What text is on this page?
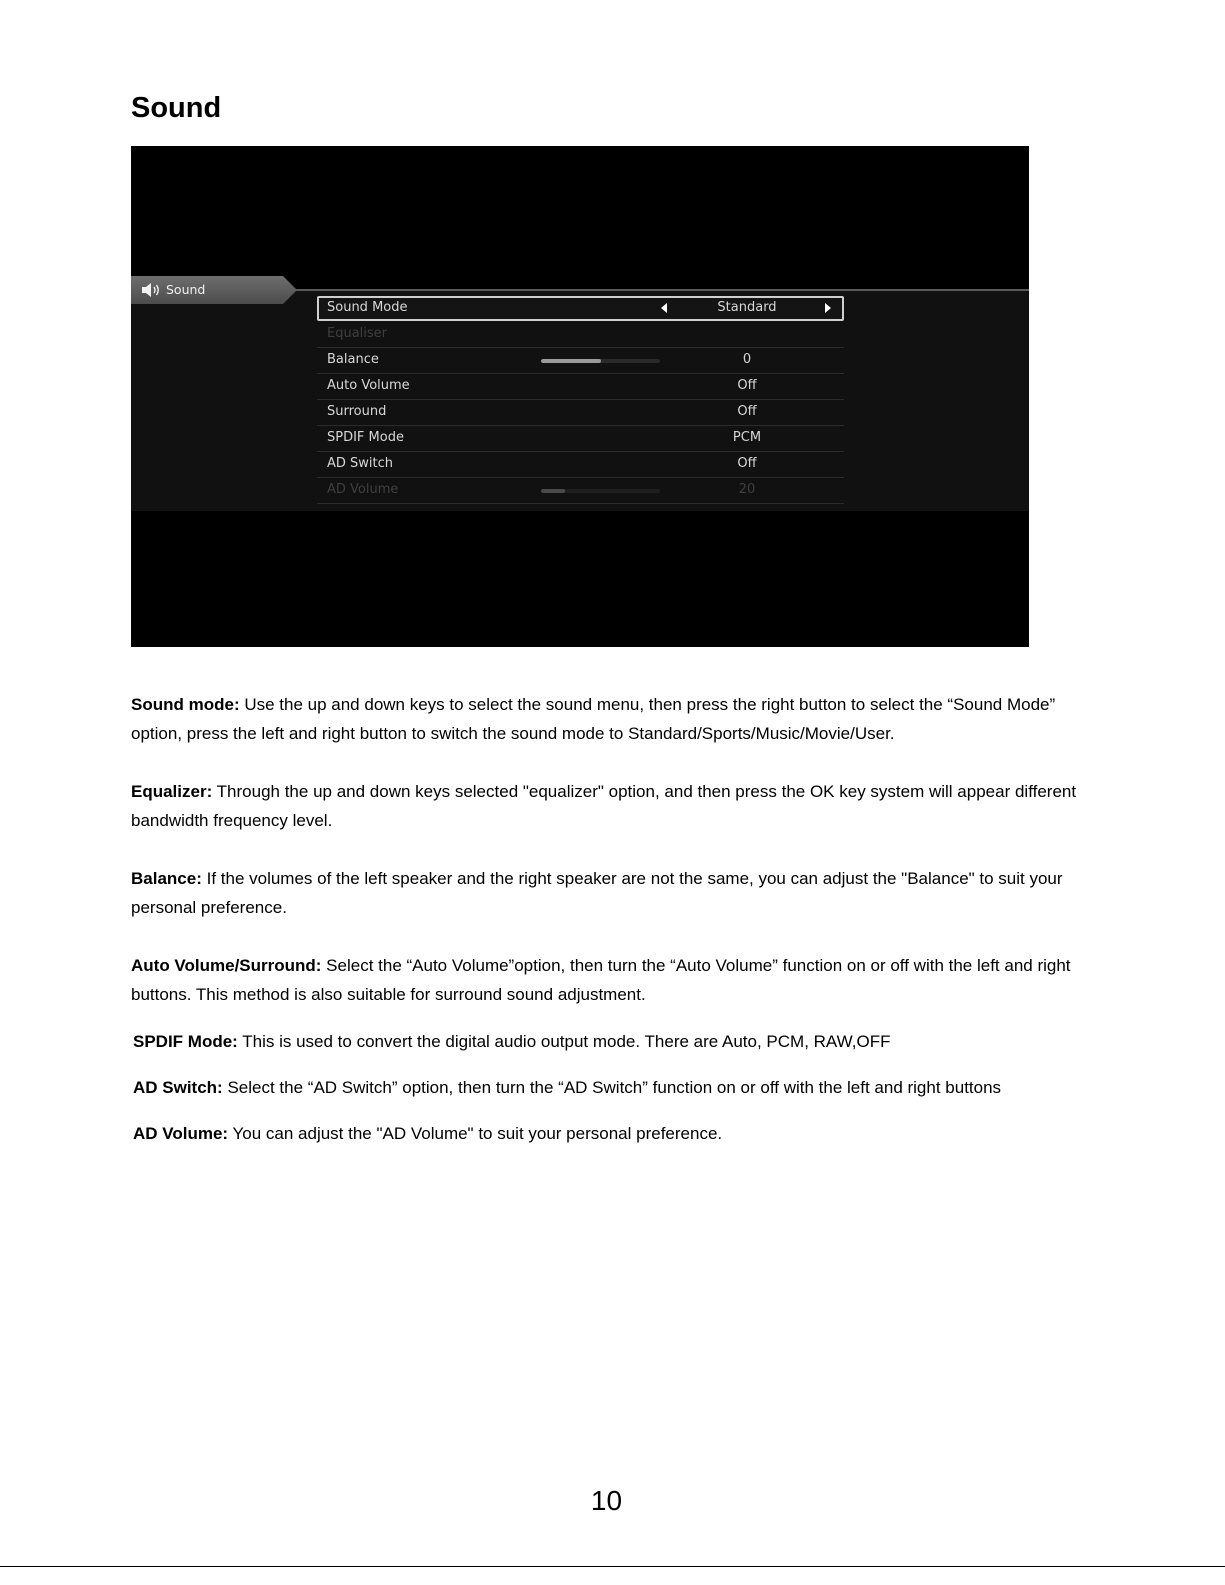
Sound
Sound
Sound Mode	Standard
Equaliser
Balance	0
Auto Volume	Off
Surround	Off
SPDIF Mode	PCM
AD Switch	Off
AD Volume	20

Sound mode: Use the up and down keys to select the sound menu, then press the right button to select the “Sound Mode” option, press the left and right button to switch the sound mode to Standard/Sports/Music/Movie/User.

Equalizer: Through the up and down keys selected "equalizer" option, and then press the OK key system will appear different bandwidth frequency level.

Balance: If the volumes of the left speaker and the right speaker are not the same, you can adjust the "Balance" to suit your personal preference.

Auto Volume/Surround: Select the “Auto Volume”option, then turn the “Auto Volume” function on or off with the left and right buttons. This method is also suitable for surround sound adjustment.

SPDIF Mode: This is used to convert the digital audio output mode. There are Auto, PCM, RAW,OFF

AD Switch: Select the “AD Switch” option, then turn the “AD Switch” function on or off with the left and right buttons

AD Volume: You can adjust the "AD Volume" to suit your personal preference.

10
